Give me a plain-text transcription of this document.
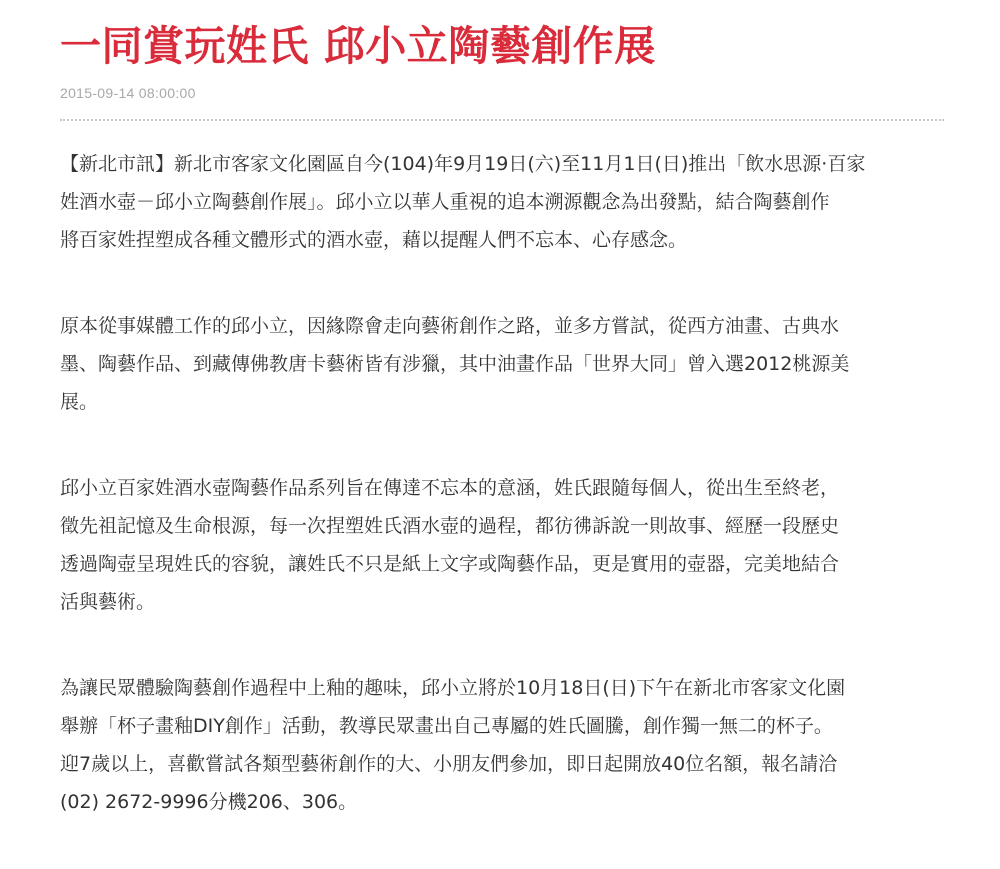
一同賞玩姓氏 邱小立陶藝創作展
2015-09-14 08:00:00

【新北市訊】新北市客家文化園區自今(104)年9月19日(六)至11月1日(日)推出「飲水思源‧百家
姓酒水壺－邱小立陶藝創作展」。邱小立以華人重視的追本溯源觀念為出發點，結合陶藝創作
將百家姓捏塑成各種文體形式的酒水壺，藉以提醒人們不忘本、心存感念。

原本從事媒體工作的邱小立，因緣際會走向藝術創作之路，並多方嘗試，從西方油畫、古典水
墨、陶藝作品、到藏傳佛教唐卡藝術皆有涉獵，其中油畫作品「世界大同」曾入選2012桃源美
展。

邱小立百家姓酒水壺陶藝作品系列旨在傳達不忘本的意涵，姓氏跟隨每個人，從出生至終老，
徵先祖記憶及生命根源，每一次捏塑姓氏酒水壺的過程，都彷彿訴說一則故事、經歷一段歷史
透過陶壺呈現姓氏的容貌，讓姓氏不只是紙上文字或陶藝作品，更是實用的壺器，完美地結合
活與藝術。

為讓民眾體驗陶藝創作過程中上釉的趣味，邱小立將於10月18日(日)下午在新北市客家文化園
舉辦「杯子畫釉DIY創作」活動，教導民眾畫出自己專屬的姓氏圖騰，創作獨一無二的杯子。
迎7歲以上，喜歡嘗試各類型藝術創作的大、小朋友們參加，即日起開放40位名額，報名請洽
(02) 2672-9996分機206、306。
